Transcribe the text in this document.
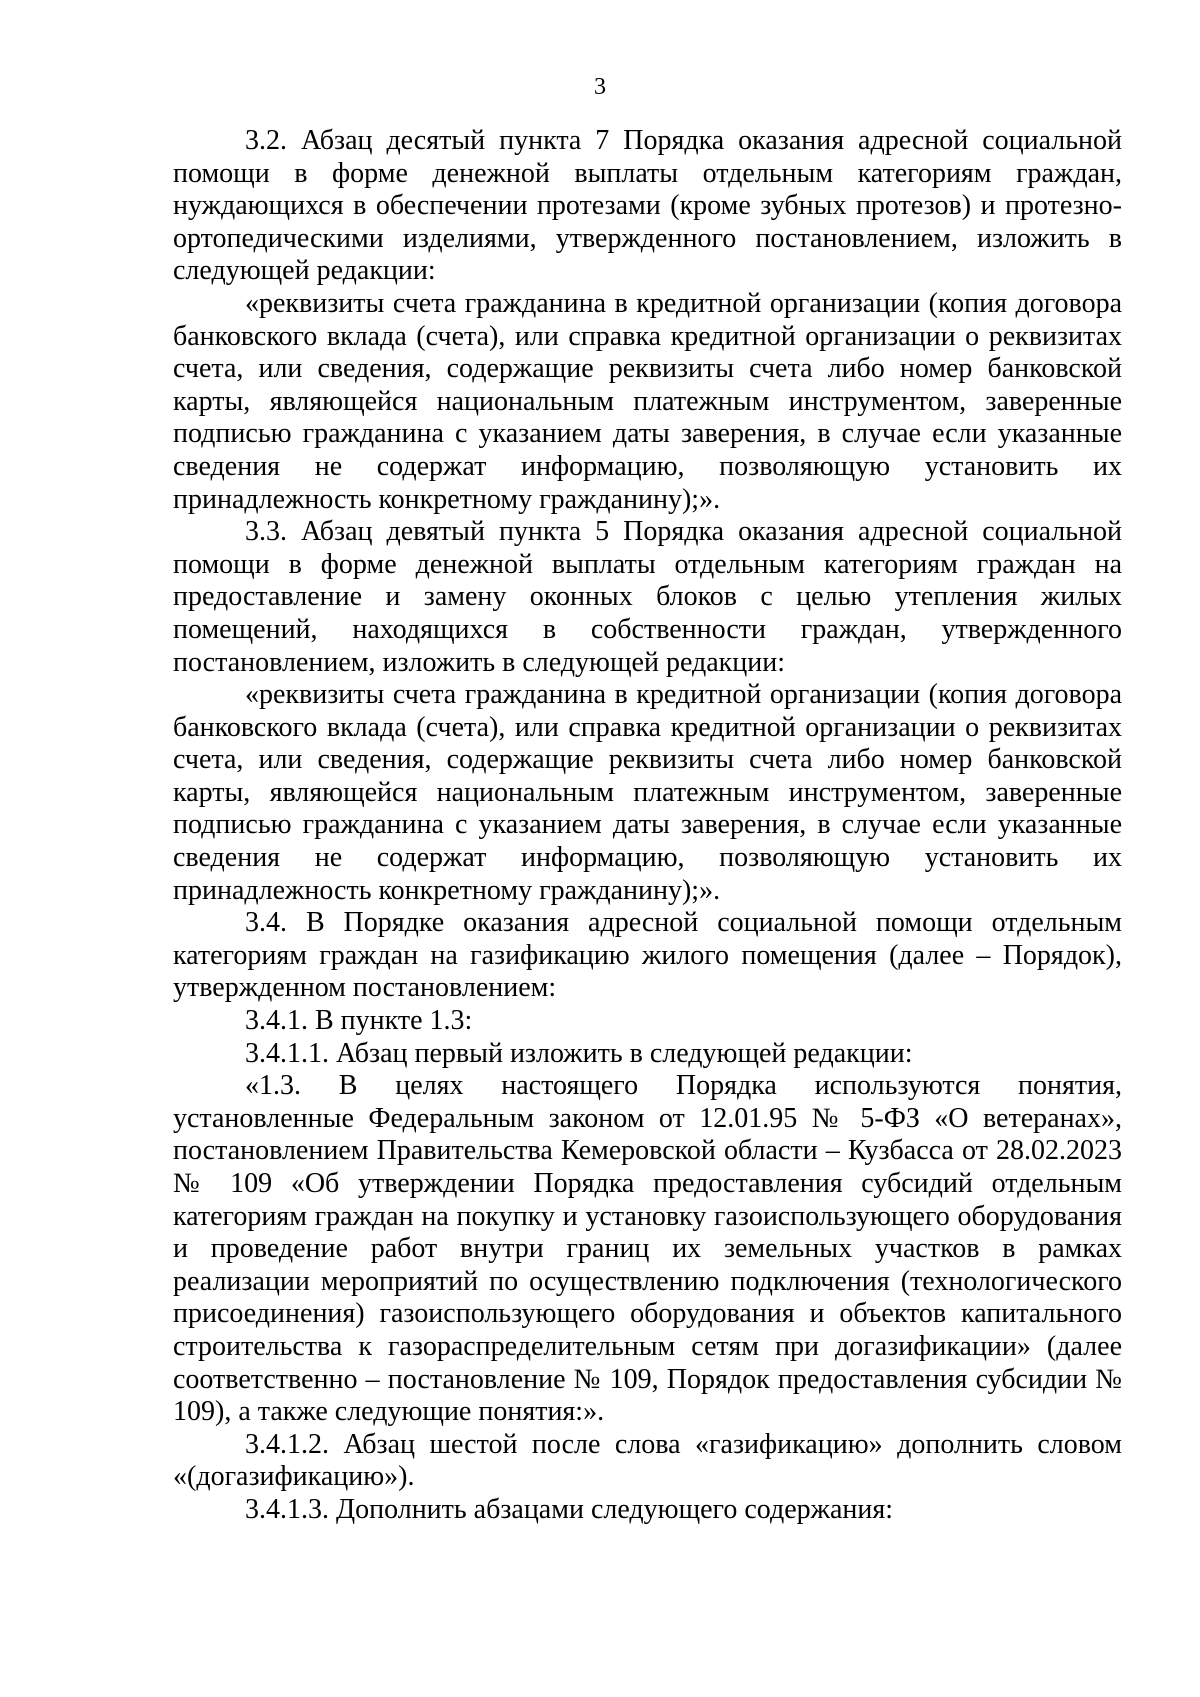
3

3.2. Абзац десятый пункта 7 Порядка оказания адресной социальной помощи в форме денежной выплаты отдельным категориям граждан, нуждающихся в обеспечении протезами (кроме зубных протезов) и протезно-ортопедическими изделиями, утвержденного постановлением, изложить в следующей редакции:

«реквизиты счета гражданина в кредитной организации (копия договора банковского вклада (счета), или справка кредитной организации о реквизитах счета, или сведения, содержащие реквизиты счета либо номер банковской карты, являющейся национальным платежным инструментом, заверенные подписью гражданина с указанием даты заверения, в случае если указанные сведения не содержат информацию, позволяющую установить их принадлежность конкретному гражданину);».

3.3. Абзац девятый пункта 5 Порядка оказания адресной социальной помощи в форме денежной выплаты отдельным категориям граждан на предоставление и замену оконных блоков с целью утепления жилых помещений, находящихся в собственности граждан, утвержденного постановлением, изложить в следующей редакции:

«реквизиты счета гражданина в кредитной организации (копия договора банковского вклада (счета), или справка кредитной организации о реквизитах счета, или сведения, содержащие реквизиты счета либо номер банковской карты, являющейся национальным платежным инструментом, заверенные подписью гражданина с указанием даты заверения, в случае если указанные сведения не содержат информацию, позволяющую установить их принадлежность конкретному гражданину);».

3.4. В Порядке оказания адресной социальной помощи отдельным категориям граждан на газификацию жилого помещения (далее – Порядок), утвержденном постановлением:

3.4.1. В пункте 1.3:

3.4.1.1. Абзац первый изложить в следующей редакции:

«1.3. В целях настоящего Порядка используются понятия, установленные Федеральным законом от 12.01.95 № 5-ФЗ «О ветеранах», постановлением Правительства Кемеровской области – Кузбасса от 28.02.2023 № 109 «Об утверждении Порядка предоставления субсидий отдельным категориям граждан на покупку и установку газоиспользующего оборудования и проведение работ внутри границ их земельных участков в рамках реализации мероприятий по осуществлению подключения (технологического присоединения) газоиспользующего оборудования и объектов капитального строительства к газораспределительным сетям при догазификации» (далее соответственно – постановление № 109, Порядок предоставления субсидии № 109), а также следующие понятия:».

3.4.1.2. Абзац шестой после слова «газификацию» дополнить словом «(догазификацию»).

3.4.1.3. Дополнить абзацами следующего содержания:
